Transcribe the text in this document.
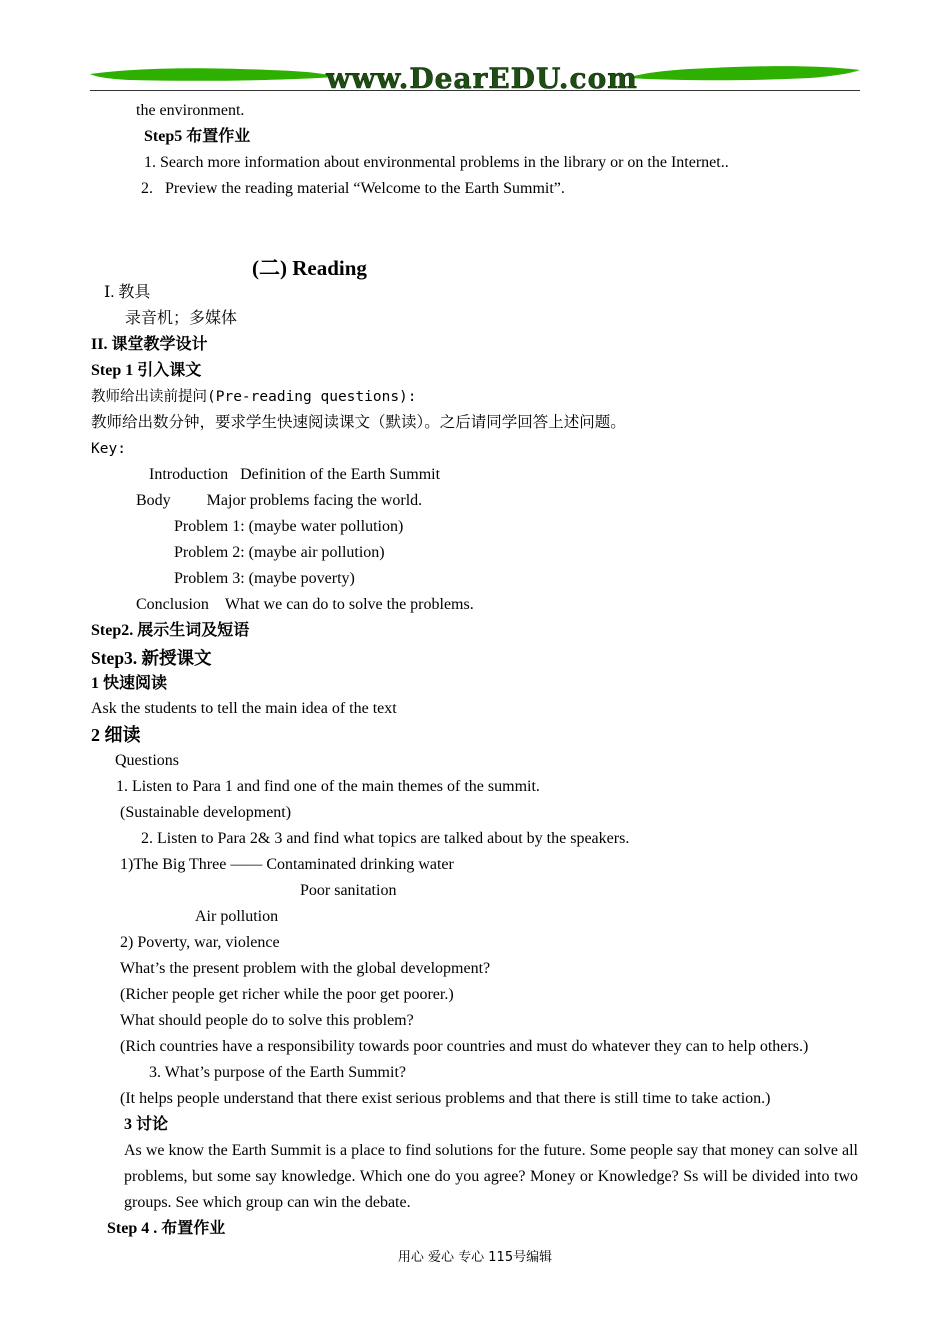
www.DearEDU.com
the environment.
Step5 布置作业
1. Search more information about environmental problems in the library or on the Internet..
2.   Preview the reading material “Welcome to the Earth Summit”.
(二) Reading
Ⅰ. 教具
录音机；多媒体
II. 课堂教学设计
Step 1 引入课文
教师给出读前提问(Pre-reading questions):
教师给出数分钟，要求学生快速阅读课文（默读）。之后请同学回答上述问题。
Key:
Introduction   Definition of the Earth Summit
Body         Major problems facing the world.
Problem 1: (maybe water pollution)
Problem 2: (maybe air pollution)
Problem 3: (maybe poverty)
Conclusion    What we can do to solve the problems.
Step2. 展示生词及短语
Step3. 新授课文
1 快速阅读
Ask the students to tell the main idea of the text
2 细读
Questions
1. Listen to Para 1 and find one of the main themes of the summit.
(Sustainable development)
2. Listen to Para 2& 3 and find what topics are talked about by the speakers.
1)The Big Three —— Contaminated drinking water
Poor sanitation
Air pollution
2) Poverty, war, violence
What’s the present problem with the global development?
(Richer people get richer while the poor get poorer.)
What should people do to solve this problem?
(Rich countries have a responsibility towards poor countries and must do whatever they can to help others.)
3. What’s purpose of the Earth Summit?
(It helps people understand that there exist serious problems and that there is still time to take action.)
3 讨论
As we know the Earth Summit is a place to find solutions for the future. Some people say that money can solve all problems, but some say knowledge. Which one do you agree? Money or Knowledge? Ss will be divided into two groups. See which group can win the debate.
Step 4 . 布置作业
用心 爱心 专心 115号编辑
